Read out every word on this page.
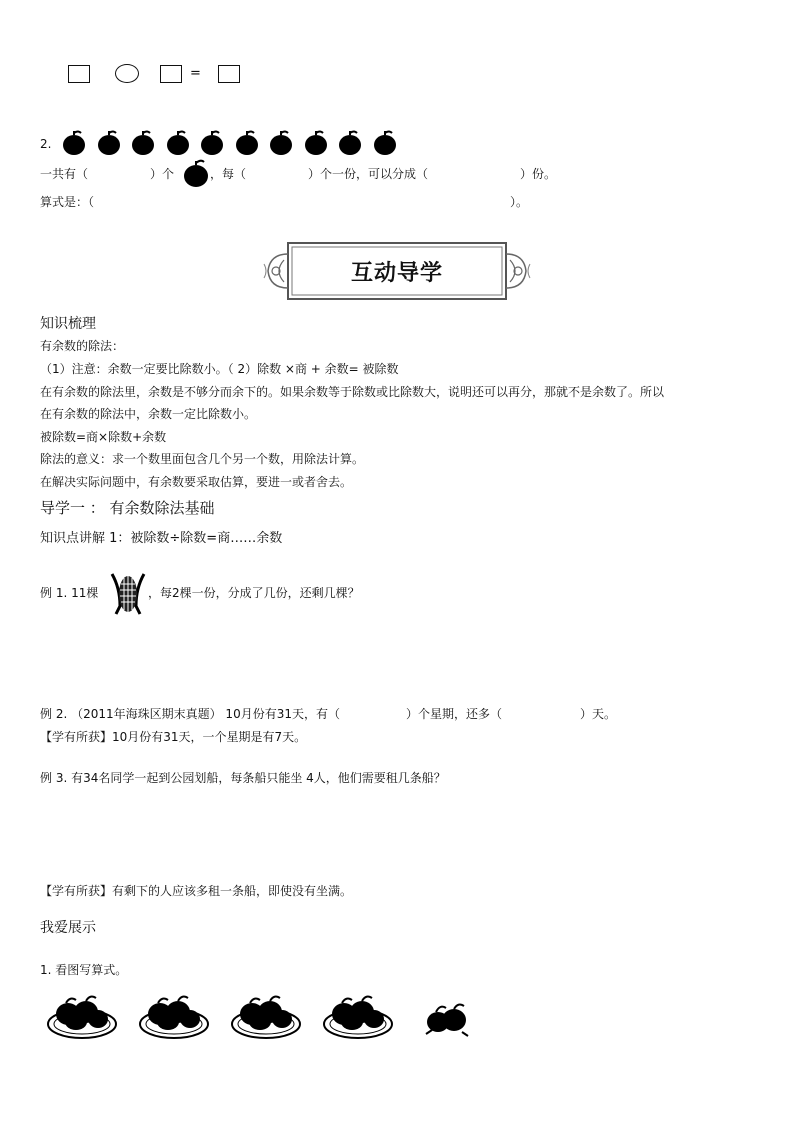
=
2.
一共有（	）个	，每（	）个一份，可以分成（	）份。
算式是：（	）。
互动导学
知识梳理
有余数的除法：
（1）注意：余数一定要比除数小。（ 2）除数 ×商 + 余数= 被除数
在有余数的除法里，余数是不够分而余下的。如果余数等于除数或比除数大，说明还可以再分，那就不是余数了。所以
在有余数的除法中，余数一定比除数小。
被除数=商×除数+余数
除法的意义：求一个数里面包含几个另一个数，用除法计算。
在解决实际问题中，有余数要采取估算，要进一或者舍去。
导学一 ： 有余数除法基础
知识点讲解 1：被除数÷除数=商……余数
例 1. 11棵	，每2棵一份，分成了几份，还剩几棵？
例 2. （2011年海珠区期末真题） 10月份有31天，有（	）个星期，还多（	）天。
【学有所获】10月份有31天，一个星期是有7天。
例 3. 有34名同学一起到公园划船，每条船只能坐 4人，他们需要租几条船？
【学有所获】有剩下的人应该多租一条船，即使没有坐满。
我爱展示
1. 看图写算式。
